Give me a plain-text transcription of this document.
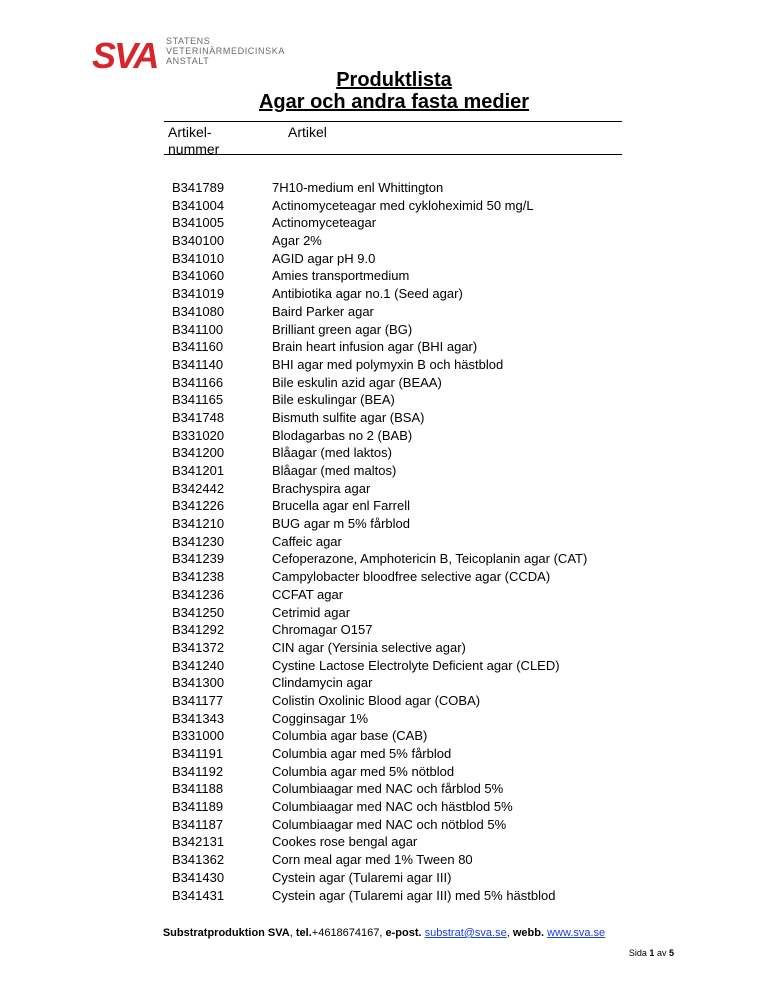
SVA STATENS
VETERINÄRMEDICINSKA
ANSTALT
Produktlista
Agar och andra fasta medier
Artikel-
nummer
Artikel
B341789	7H10-medium enl Whittington
B341004	Actinomyceteagar med cykloheximid 50 mg/L
B341005	Actinomyceteagar
B340100	Agar 2%
B341010	AGID agar pH 9.0
B341060	Amies transportmedium
B341019	Antibiotika agar no.1 (Seed agar)
B341080	Baird Parker agar
B341100	Brilliant green agar (BG)
B341160	Brain heart infusion agar (BHI agar)
B341140	BHI agar med polymyxin B och hästblod
B341166	Bile eskulin azid agar (BEAA)
B341165	Bile eskulingar (BEA)
B341748	Bismuth sulfite agar (BSA)
B331020	Blodagarbas no 2 (BAB)
B341200	Blåagar (med laktos)
B341201	Blåagar (med maltos)
B342442	Brachyspira agar
B341226	Brucella agar enl Farrell
B341210	BUG agar m 5% fårblod
B341230	Caffeic agar
B341239	Cefoperazone, Amphotericin B, Teicoplanin agar (CAT)
B341238	Campylobacter bloodfree selective agar (CCDA)
B341236	CCFAT agar
B341250	Cetrimid agar
B341292	Chromagar O157
B341372	CIN agar (Yersinia selective agar)
B341240	Cystine Lactose Electrolyte Deficient agar (CLED)
B341300	Clindamycin agar
B341177	Colistin Oxolinic Blood agar (COBA)
B341343	Cogginsagar 1%
B331000	Columbia agar base (CAB)
B341191	Columbia agar med 5% fårblod
B341192	Columbia agar med 5% nötblod
B341188	Columbiaagar med NAC och fårblod 5%
B341189	Columbiaagar med NAC och hästblod 5%
B341187	Columbiaagar med NAC och nötblod 5%
B342131	Cookes rose bengal agar
B341362	Corn meal agar med 1% Tween 80
B341430	Cystein agar (Tularemi agar III)
B341431	Cystein agar (Tularemi agar III) med 5% hästblod
Substratproduktion SVA, tel.+4618674167, e-post. substrat@sva.se, webb. www.sva.se
Sida 1 av 5
